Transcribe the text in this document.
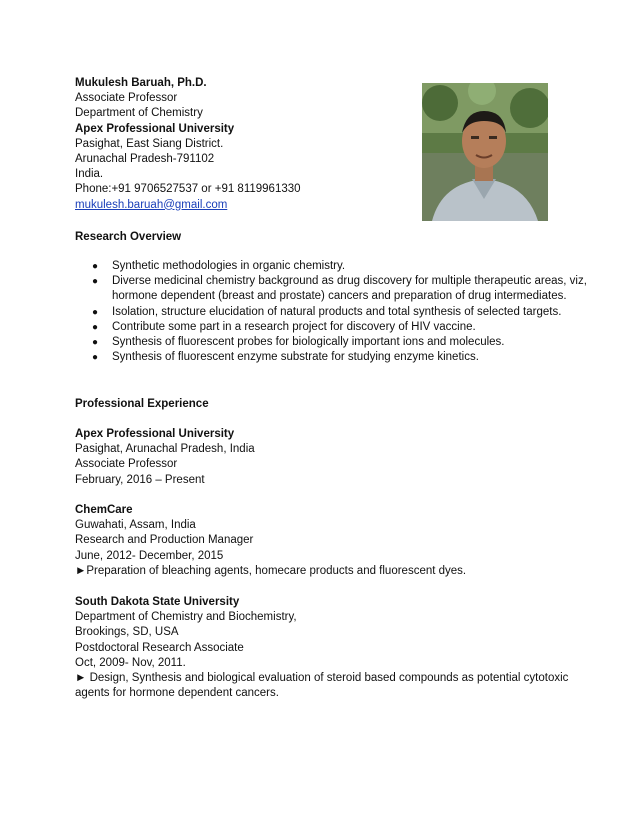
Mukulesh Baruah, Ph.D.
Associate Professor
Department of Chemistry
Apex Professional University
Pasighat, East Siang District.
Arunachal Pradesh-791102
India.
Phone:+91 9706527537 or +91 8119961330
mukulesh.baruah@gmail.com
Research Overview
● Synthetic methodologies in organic chemistry.
● Diverse medicinal chemistry background as drug discovery for multiple therapeutic areas, viz, hormone dependent (breast and prostate) cancers and preparation of drug intermediates.
● Isolation, structure elucidation of natural products and total synthesis of selected targets.
● Contribute some part in a research project for discovery of HIV vaccine.
● Synthesis of fluorescent probes for biologically important ions and molecules.
● Synthesis of fluorescent enzyme substrate for studying enzyme kinetics.
Professional Experience
Apex Professional University
Pasighat, Arunachal Pradesh, India
Associate Professor
February, 2016 – Present
ChemCare
Guwahati, Assam, India
Research and Production Manager
June, 2012- December, 2015
►Preparation of bleaching agents, homecare products and fluorescent dyes.
South Dakota State University
Department of Chemistry and Biochemistry,
Brookings, SD, USA
Postdoctoral Research Associate
Oct, 2009- Nov, 2011.
► Design, Synthesis and biological evaluation of steroid based compounds as potential cytotoxic agents for hormone dependent cancers.
